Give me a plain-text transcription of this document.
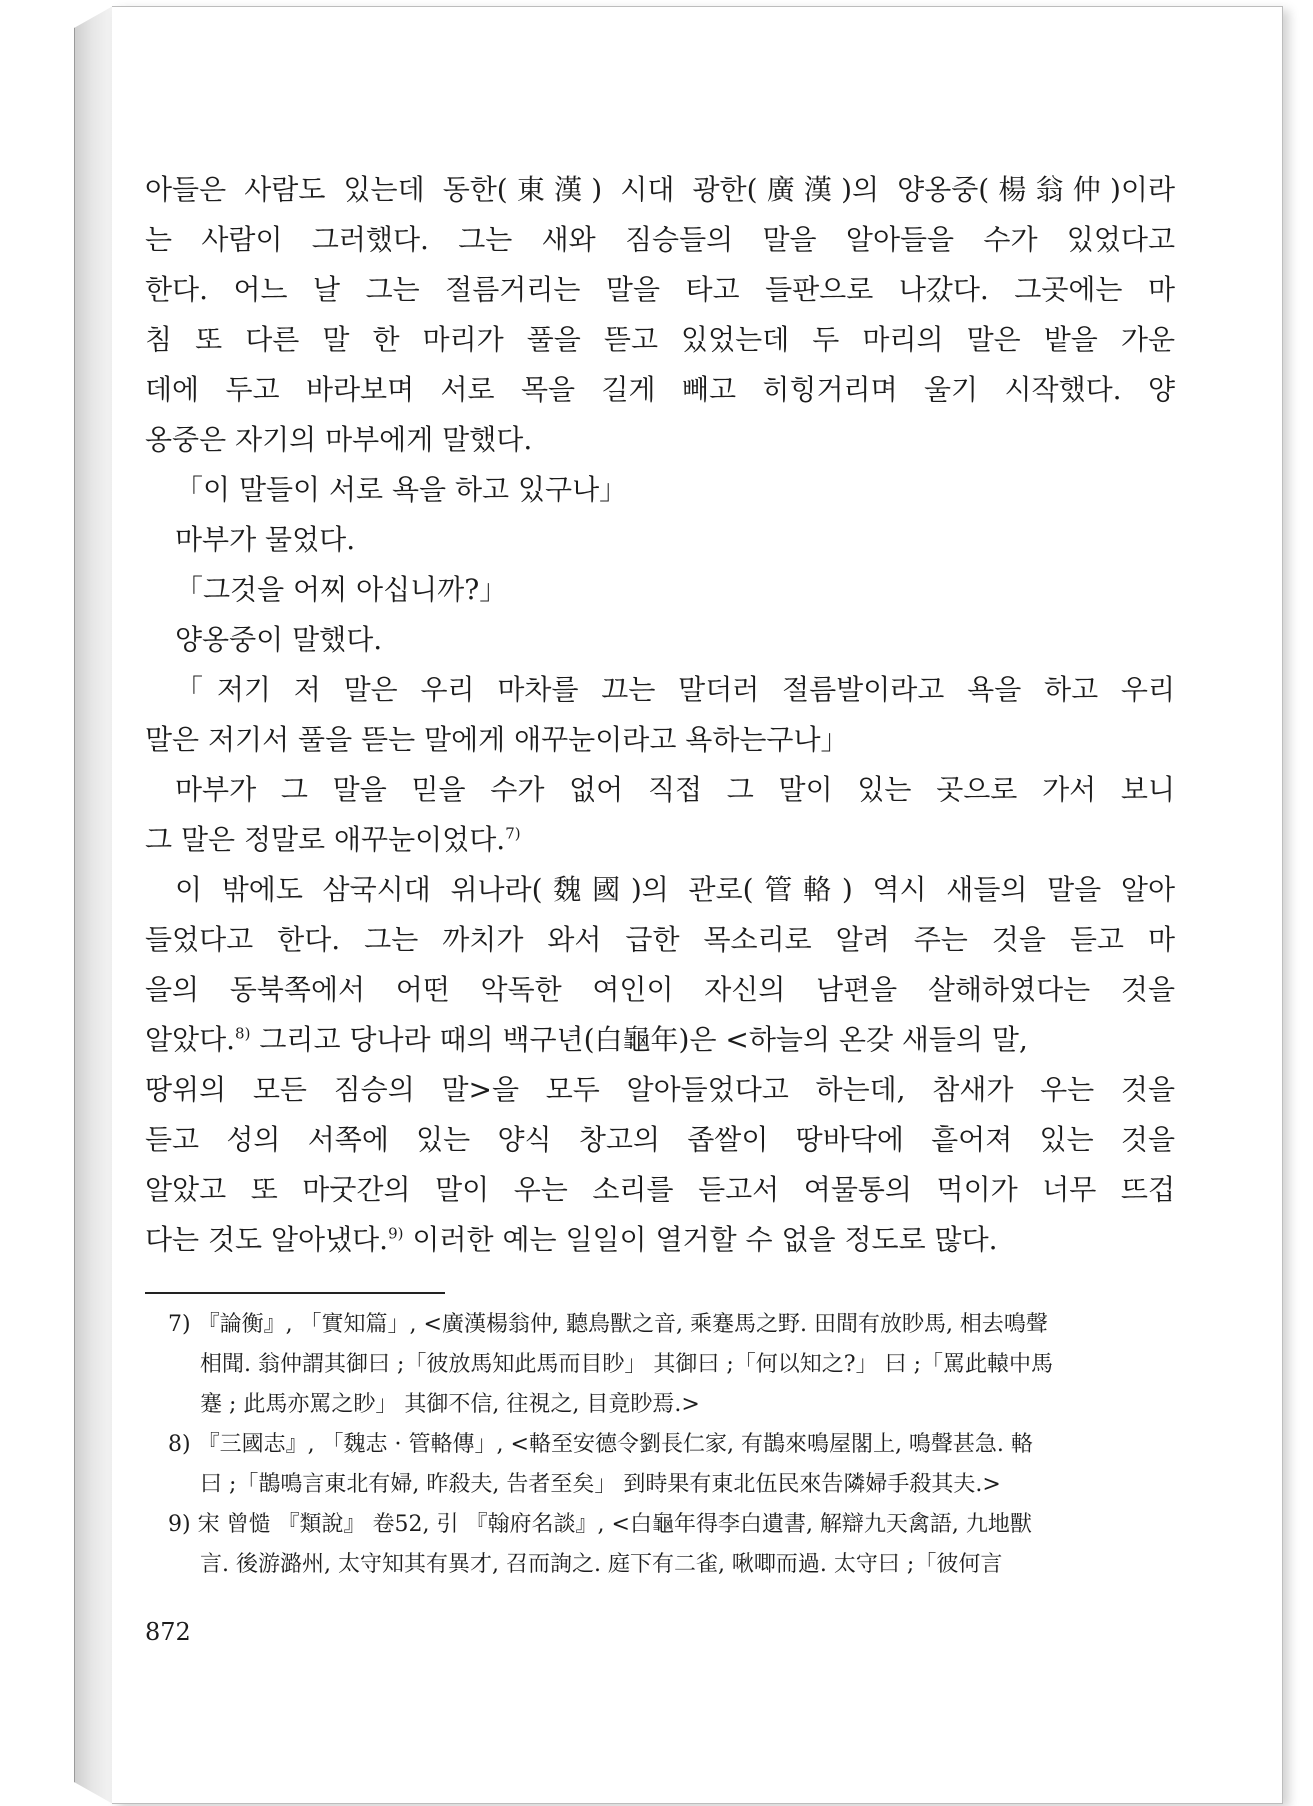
아들은 사람도 있는데 동한(東漢) 시대 광한(廣漢)의 양옹중(楊翁仲)이라
는 사람이 그러했다. 그는 새와 짐승들의 말을 알아들을 수가 있었다고
한다. 어느 날 그는 절름거리는 말을 타고 들판으로 나갔다. 그곳에는 마
침 또 다른 말 한 마리가 풀을 뜯고 있었는데 두 마리의 말은 밭을 가운
데에 두고 바라보며 서로 목을 길게 빼고 히힝거리며 울기 시작했다. 양
옹중은 자기의 마부에게 말했다.
「이 말들이 서로 욕을 하고 있구나」
마부가 물었다.
「그것을 어찌 아십니까?」
양옹중이 말했다.
「저기 저 말은 우리 마차를 끄는 말더러 절름발이라고 욕을 하고 우리
말은 저기서 풀을 뜯는 말에게 애꾸눈이라고 욕하는구나」
마부가 그 말을 믿을 수가 없어 직접 그 말이 있는 곳으로 가서 보니
그 말은 정말로 애꾸눈이었다.$^{7)}$
이 밖에도 삼국시대 위나라(魏國)의 관로(管輅) 역시 새들의 말을 알아
들었다고 한다. 그는 까치가 와서 급한 목소리로 알려 주는 것을 듣고 마
을의 동북쪽에서 어떤 악독한 여인이 자신의 남편을 살해하였다는 것을
알았다.$^{8)}$ 그리고 당나라 때의 백구년(白龜年)은 <하늘의 온갖 새들의 말,
땅위의 모든 짐승의 말>을 모두 알아들었다고 하는데, 참새가 우는 것을
듣고 성의 서쪽에 있는 양식 창고의 좁쌀이 땅바닥에 흩어져 있는 것을
알았고 또 마굿간의 말이 우는 소리를 듣고서 여물통의 먹이가 너무 뜨겁
다는 것도 알아냈다.$^{9)}$ 이러한 예는 일일이 열거할 수 없을 정도로 많다.
7) 『論衡』, 「實知篇」, <廣漢楊翁仲, 聽鳥獸之音, 乘蹇馬之野. 田間有放眇馬, 相去鳴聲
相聞. 翁仲謂其御曰 ;「彼放馬知此馬而目眇」 其御曰 ;「何以知之?」 曰 ;「罵此轅中馬
蹇 ; 此馬亦罵之眇」 其御不信, 往視之, 目竟眇焉.>
8) 『三國志』, 「魏志 · 管輅傳」, <輅至安德令劉長仁家, 有鵲來鳴屋閣上, 鳴聲甚急. 輅
曰 ;「鵲鳴言東北有婦, 昨殺夫, 告者至矣」 到時果有東北伍民來告隣婦手殺其夫.>
9) 宋 曾慥 『類說』 卷52, 引 『翰府名談』, <白龜年得李白遺書, 解辯九天禽語, 九地獸
言. 後游潞州, 太守知其有異才, 召而詢之. 庭下有二雀, 啾唧而過. 太守曰 ;「彼何言
872
